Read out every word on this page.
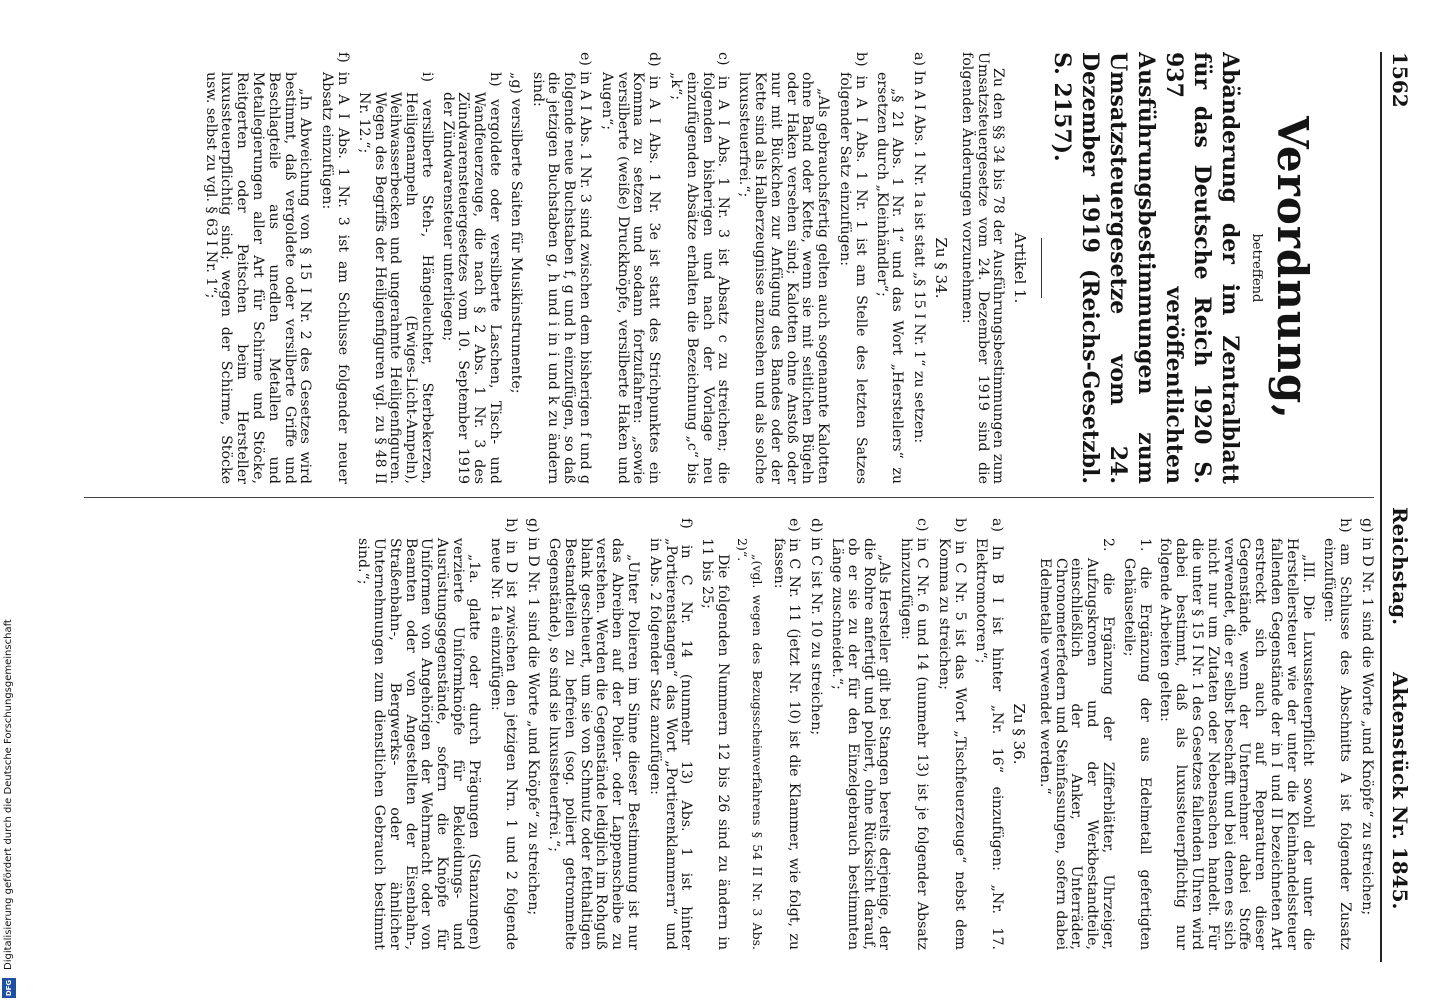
1562
Reichstag.
Aktenstück Nr. 1845.
Verordnung,

betreffend

Abänderung der im Zentralblatt für das Deutsche Reich 1920 S. 937 veröffentlichten Ausführungsbestimmungen zum Umsatzsteuergesetze vom 24. Dezember 1919 (Reichs-Gesetzbl. S. 2157).

Artikel 1.

Zu den §§ 34 bis 78 der Ausführungsbestimmungen zum Umsatzsteuergesetze vom 24. Dezember 1919 sind die folgenden Änderungen vorzunehmen:

Zu § 34.

a) In A I Abs. 1 Nr. 1a ist statt „§ 15 I Nr. 1“ zu setzen:

„§ 21 Abs. 1 Nr. 1“ und das Wort „Herstellers“ zu ersetzen durch „Kleinhändler“;

b) in A I Abs. 1 Nr. 1 ist am Stelle des letzten Satzes folgender Satz einzufügen:

„Als gebrauchsfertig gelten auch sogenannte Kalotten ohne Band oder Kette, wenn sie mit seitlichen Bügeln oder Haken versehen sind; Kalotten ohne Anstoß oder nur mit Bückchen zur Anfügung des Bandes oder der Kette sind als Halberzeugnisse anzusehen und als solche luxussteuerfrei.“;

c) in A I Abs. 1 Nr. 3 ist Absatz c zu streichen; die folgenden bisherigen und nach der Vorlage neu einzufügenden Absätze erhalten die Bezeichnung „c“ bis „k“;

d) in A I Abs. 1 Nr. 3e ist statt des Strichpunktes ein Komma zu setzen und sodann fortzufahren: „sowie versilberte (weiße) Druckknöpfe, versilberte Haken und Augen“;

e) in A I Abs. 1 Nr. 3 sind zwischen dem bisherigen f und g folgende neue Buchstaben f, g und h einzufügen, so daß die jetzigen Buchstaben g, h und i in i und k zu ändern sind:

„g) versilberte Saiten für Musikinstrumente;

h) vergoldete oder versilberte Laschen, Tisch- und Wandfeuerzeuge, die nach § 2 Abs. 1 Nr. 3 des Zündwarensteuergesetzes vom 10. September 1919 der Zündwarensteuer unterliegen;

i) versilberte Steh-, Hängeleuchter, Sterbekerzen, Heiligenampeln (Ewiges-Licht-Ampeln), Weihwasserbecken und ungerahmte Heiligenfiguren. Wegen des Begriffs der Heiligenfiguren vgl. zu § 48 II Nr. 12.“;

f) in A I Abs. 1 Nr. 3 ist am Schlusse folgender neuer Absatz einzufügen:

„In Abweichung von § 15 I Nr. 2 des Gesetzes wird bestimmt, daß vergoldete oder versilberte Griffe und Beschlagteile aus unedlen Metallen und Metallegierungen aller Art für Schirme und Stöcke, Reitgerten oder Peitschen beim Hersteller luxussteuerpflichtig sind; wegen der Schirme, Stöcke usw. selbst zu vgl. § 63 I Nr. 1“;

g) in D Nr. 1 sind die Worte „und Knöpfe“ zu streichen;

h) am Schlusse des Abschnitts A ist folgender Zusatz einzufügen:

„III. Die Luxussteuerpflicht sowohl der unter die Herstellersteuer wie der unter die Kleinhandelssteuer fallenden Gegenstände der in I und II bezeichneten Art erstreckt sich auch auf Reparaturen dieser Gegenstände, wenn der Unternehmer dabei Stoffe verwendet, die er selbst beschafft und bei denen es sich nicht nur um Zutaten oder Nebensachen handelt. Für die unter § 15 I Nr. 1 des Gesetzes fallenden Uhren wird dabei bestimmt, daß als luxussteuerpflichtig nur folgende Arbeiten gelten:

1. die Ergänzung der aus Edelmetall gefertigten Gehäuseteile;

2. die Ergänzung der Zifferblätter, Uhrzeiger, Aufzugskronen und der Werkbestandteile, einschließlich der Anker, Unterräder, Chronometerfedern und Steinfassungen, sofern dabei Edelmetalle verwendet werden.“

Zu § 36.

a) In B I ist hinter „Nr. 16“ einzufügen: „Nr. 17. Elektromotoren“;

b) in C Nr. 5 ist das Wort „Tischfeuerzeuge“ nebst dem Komma zu streichen;

c) in C Nr. 6 und 14 (nunmehr 13) ist je folgender Absatz hinzuzufügen:

„Als Hersteller gilt bei Stangen bereits derjenige, der die Rohre anfertigt und poliert, ohne Rücksicht darauf, ob er sie zu der für den Einzelgebrauch bestimmten Länge zuschneidet.“;

d) in C ist Nr. 10 zu streichen;

e) in C Nr. 11 (jetzt Nr. 10) ist die Klammer, wie folgt, zu fassen:

„(vgl. wegen des Bezugsscheinverfahrens § 54 II Nr. 3 Abs. 2)“.

Die folgenden Nummern 12 bis 26 sind zu ändern in 11 bis 25;

f) in C Nr. 14 (nunmehr 13) Abs. 1 ist hinter „Portierenstangen“ das Wort „Portierenklammern“ und in Abs. 2 folgender Satz anzufügen:

„Unter Polieren im Sinne dieser Bestimmung ist nur das Abreiben auf der Polier- oder Lappenscheibe zu verstehen. Werden die Gegenstände lediglich im Rohguß blank gescheuert, um sie von Schmutz oder fetthaltigen Bestandteilen zu befreien (sog. poliert getrommelte Gegenstände), so sind sie luxussteuerfrei.“;

g) in D Nr. 1 sind die Worte „und Knöpfe“ zu streichen;

h) in D ist zwischen den jetzigen Nrn. 1 und 2 folgende neue Nr. 1a einzufügen:

„1a. glatte oder durch Prägungen (Stanzungen) verzierte Uniformknöpfe für Bekleidungs- und Ausrüstungsgegenstände, sofern die Knöpfe für Uniformen von Angehörigen der Wehrmacht oder von Beamten oder von Angestellten der Eisenbahn-, Straßenbahn-, Bergwerks- oder ähnlicher Unternehmungen zum dienstlichen Gebrauch bestimmt sind.“;

Digitalisierung gefördert durch die Deutsche Forschungsgemeinschaft
DFG
